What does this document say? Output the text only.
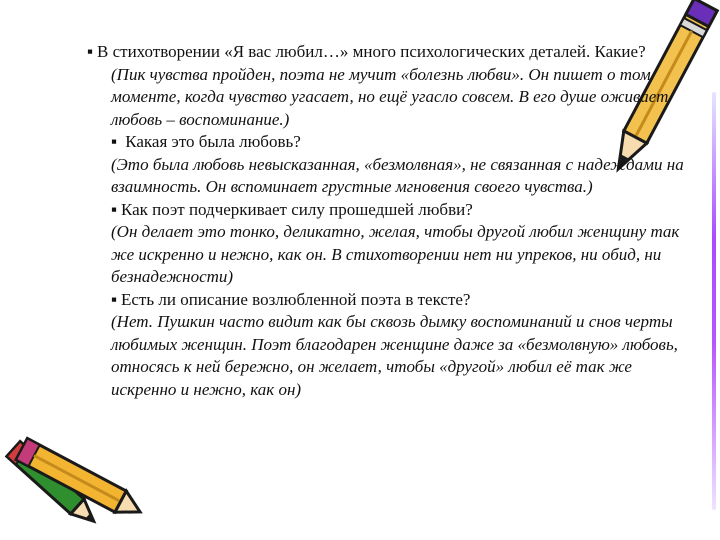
▪ В стихотворении «Я вас любил…» много психологических деталей. Какие?

(Пик чувства пройден, поэта не мучит «болезнь любви». Он пишет о том моменте, когда чувство угасает, но ещё угасло совсем. В его душе оживает любовь – воспоминание.)

▪ Какая это была любовь?

(Это была любовь невысказанная, «безмолвная», не связанная с надеждами на взаимность. Он вспоминает грустные мгновения своего чувства.)

▪ Как поэт подчеркивает силу прошедшей любви?

(Он делает это тонко, деликатно, желая, чтобы другой любил женщину так же искренно и нежно, как он. В стихотворении нет ни упреков, ни обид, ни безнадежности)

▪ Есть ли описание возлюбленной поэта в тексте?

(Нет. Пушкин часто видит как бы сквозь дымку воспоминаний и снов черты любимых женщин. Поэт благодарен женщине даже за «безмолвную» любовь, относясь к ней бережно, он желает, чтобы «другой» любил её так же искренно и нежно, как он)
